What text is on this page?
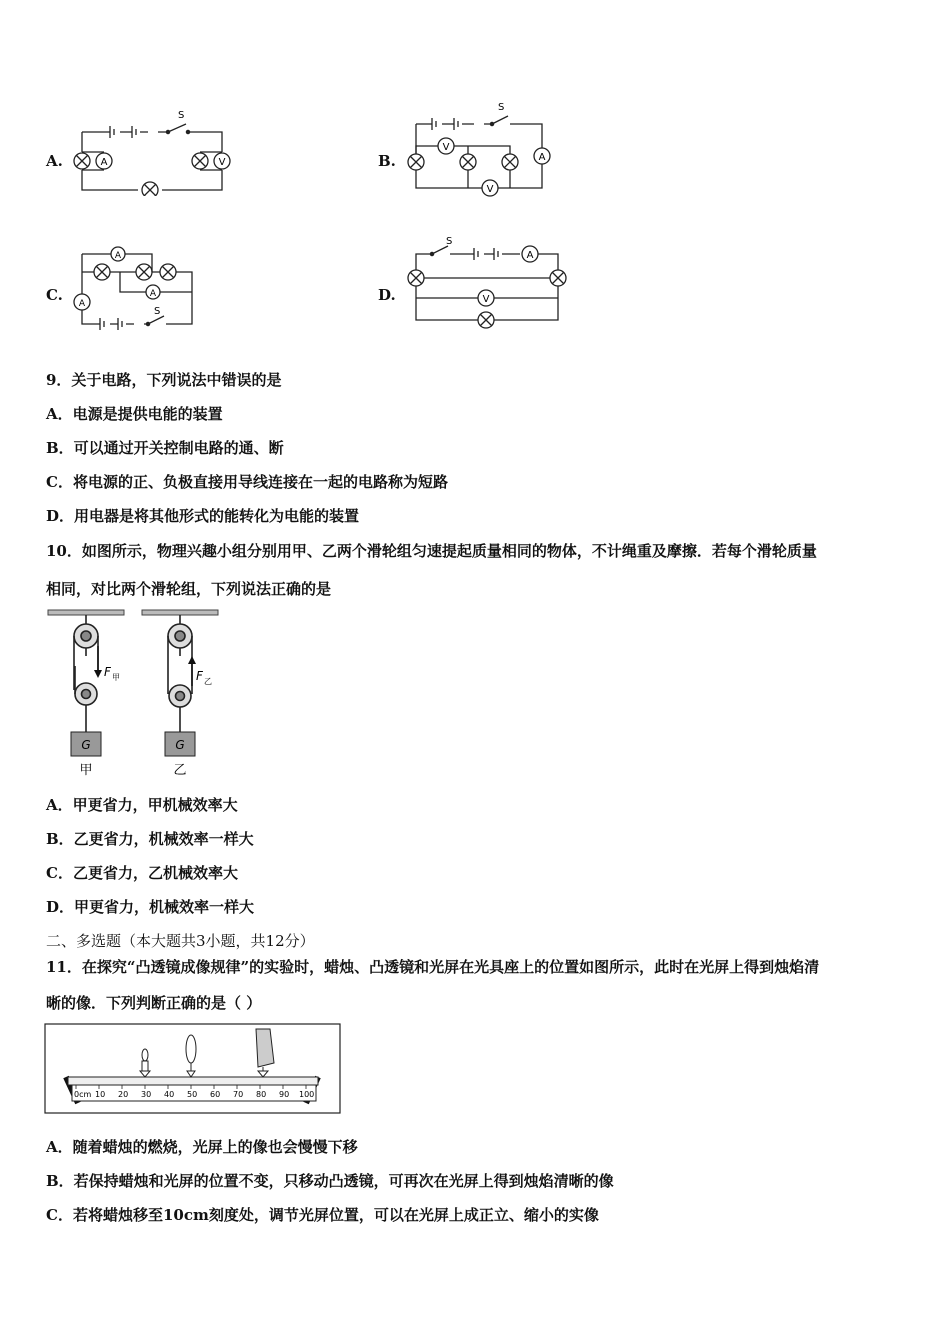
A.	B.
C.	D.
A	V
S
V
V
A
S
A
A
A
S
A
V
S
9．关于电路，下列说法中错误的是
A．电源是提供电能的装置
B．可以通过开关控制电路的通、断
C．将电源的正、负极直接用导线连接在一起的电路称为短路
D．用电器是将其他形式的能转化为电能的装置
10．如图所示，物理兴趣小组分别用甲、乙两个滑轮组匀速提起质量相同的物体，不计绳重及摩擦．若每个滑轮质量
相同，对比两个滑轮组，下列说法正确的是
F 甲
G
甲
F 乙
G
乙
A．甲更省力，甲机械效率大
B．乙更省力，机械效率一样大
C．乙更省力，乙机械效率大
D．甲更省力，机械效率一样大
二、多选题（本大题共3小题，共12分）
11．在探究“凸透镜成像规律”的实验时，蜡烛、凸透镜和光屏在光具座上的位置如图所示，此时在光屏上得到烛焰清
晰的像．下列判断正确的是（ ）
0cm 10 20 30 40 50 60 70 80 90 100
A．随着蜡烛的燃烧，光屏上的像也会慢慢下移
B．若保持蜡烛和光屏的位置不变，只移动凸透镜，可再次在光屏上得到烛焰清晰的像
C．若将蜡烛移至10cm刻度处，调节光屏位置，可以在光屏上成正立、缩小的实像
